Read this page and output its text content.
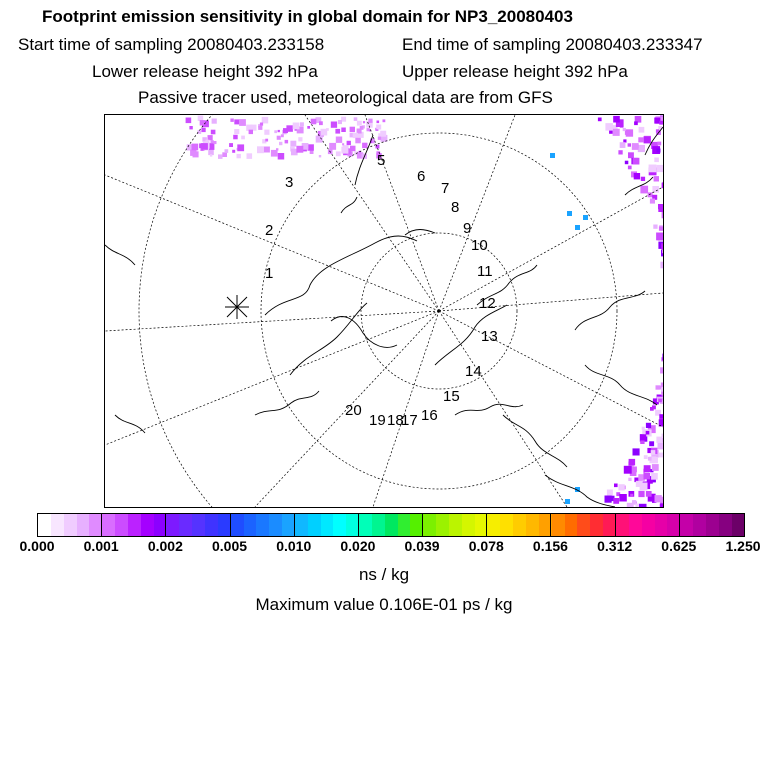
Footprint emission sensitivity in global domain for NP3_20080403
Start time of sampling 20080403.233158	End time of sampling 20080403.233347
Lower release height 392 hPa	Upper release height 392 hPa
Passive tracer used, meteorological data are from GFS
1
2
3
5
6
7
8
9
10
11
12
13
14
15
16
17
18
19
20
0.000 0.001 0.002 0.005 0.010 0.020 0.039 0.078 0.156 0.312 0.625 1.250
ns / kg
Maximum value 0.106E-01 ps / kg
